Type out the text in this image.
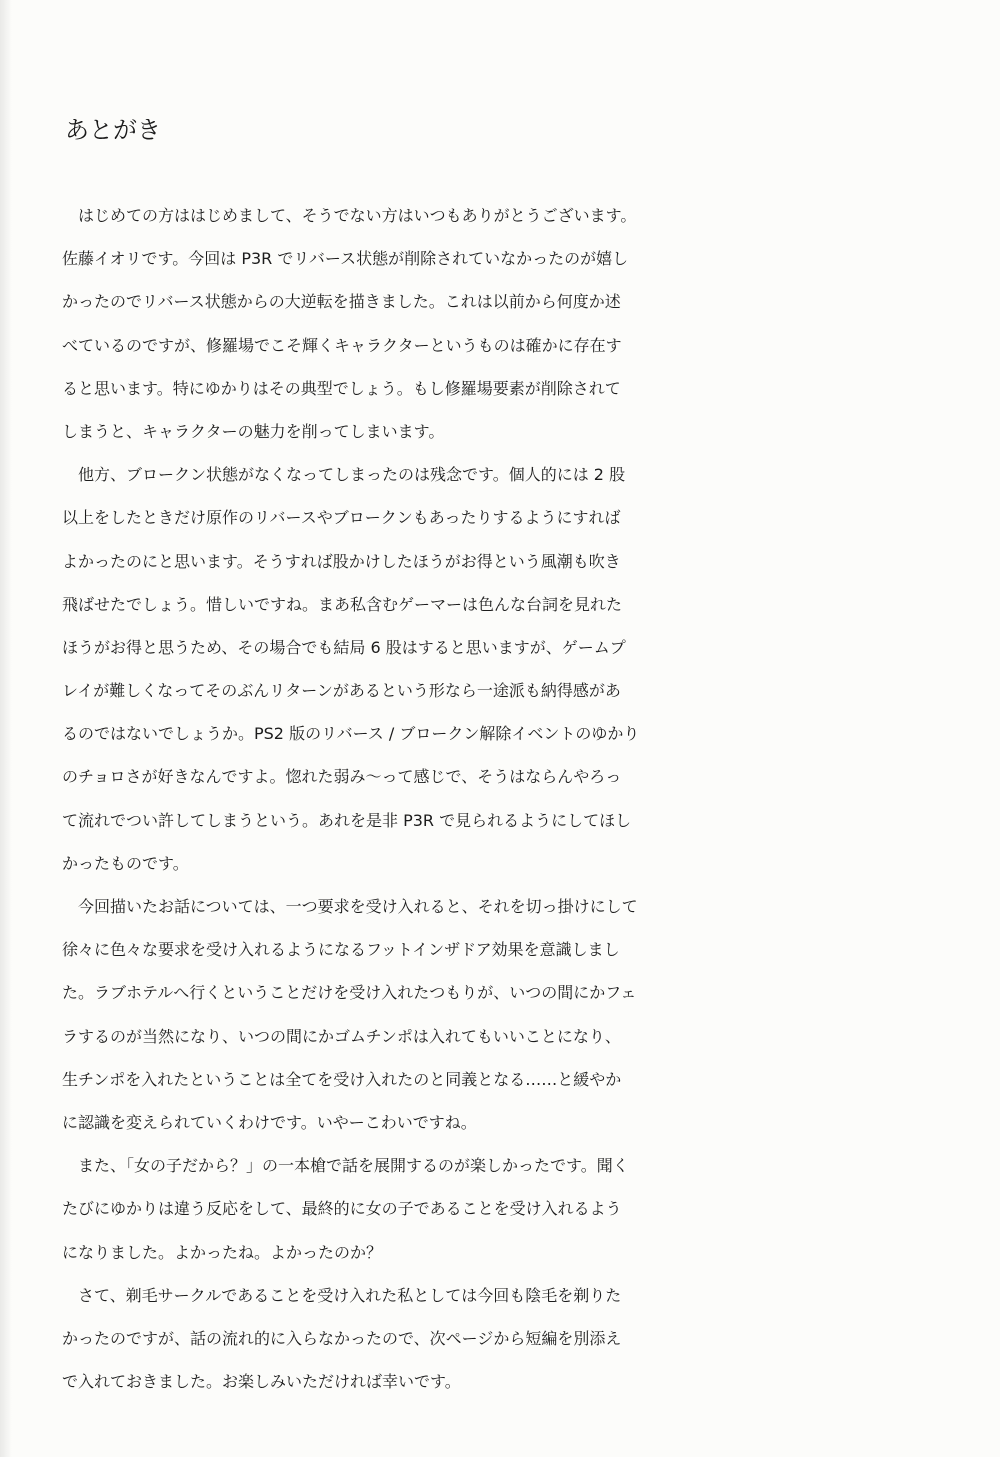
あとがき
　はじめての方ははじめまして、そうでない方はいつもありがとうございます。
佐藤イオリです。今回は P3R でリバース状態が削除されていなかったのが嬉し
かったのでリバース状態からの大逆転を描きました。これは以前から何度か述
べているのですが、修羅場でこそ輝くキャラクターというものは確かに存在す
ると思います。特にゆかりはその典型でしょう。もし修羅場要素が削除されて
しまうと、キャラクターの魅力を削ってしまいます。
　他方、ブロークン状態がなくなってしまったのは残念です。個人的には 2 股
以上をしたときだけ原作のリバースやブロークンもあったりするようにすれば
よかったのにと思います。そうすれば股かけしたほうがお得という風潮も吹き
飛ばせたでしょう。惜しいですね。まあ私含むゲーマーは色んな台詞を見れた
ほうがお得と思うため、その場合でも結局 6 股はすると思いますが、ゲームプ
レイが難しくなってそのぶんリターンがあるという形なら一途派も納得感があ
るのではないでしょうか。PS2 版のリバース / ブロークン解除イベントのゆかり
のチョロさが好きなんですよ。惚れた弱み～って感じで、そうはならんやろっ
て流れでつい許してしまうという。あれを是非 P3R で見られるようにしてほし
かったものです。
　今回描いたお話については、一つ要求を受け入れると、それを切っ掛けにして
徐々に色々な要求を受け入れるようになるフットインザドア効果を意識しまし
た。ラブホテルへ行くということだけを受け入れたつもりが、いつの間にかフェ
ラするのが当然になり、いつの間にかゴムチンポは入れてもいいことになり、
生チンポを入れたということは全てを受け入れたのと同義となる……と緩やか
に認識を変えられていくわけです。いやーこわいですね。
　また、「女の子だから？」の一本槍で話を展開するのが楽しかったです。聞く
たびにゆかりは違う反応をして、最終的に女の子であることを受け入れるよう
になりました。よかったね。よかったのか？
　さて、剃毛サークルであることを受け入れた私としては今回も陰毛を剃りた
かったのですが、話の流れ的に入らなかったので、次ページから短編を別添え
で入れておきました。お楽しみいただければ幸いです。
